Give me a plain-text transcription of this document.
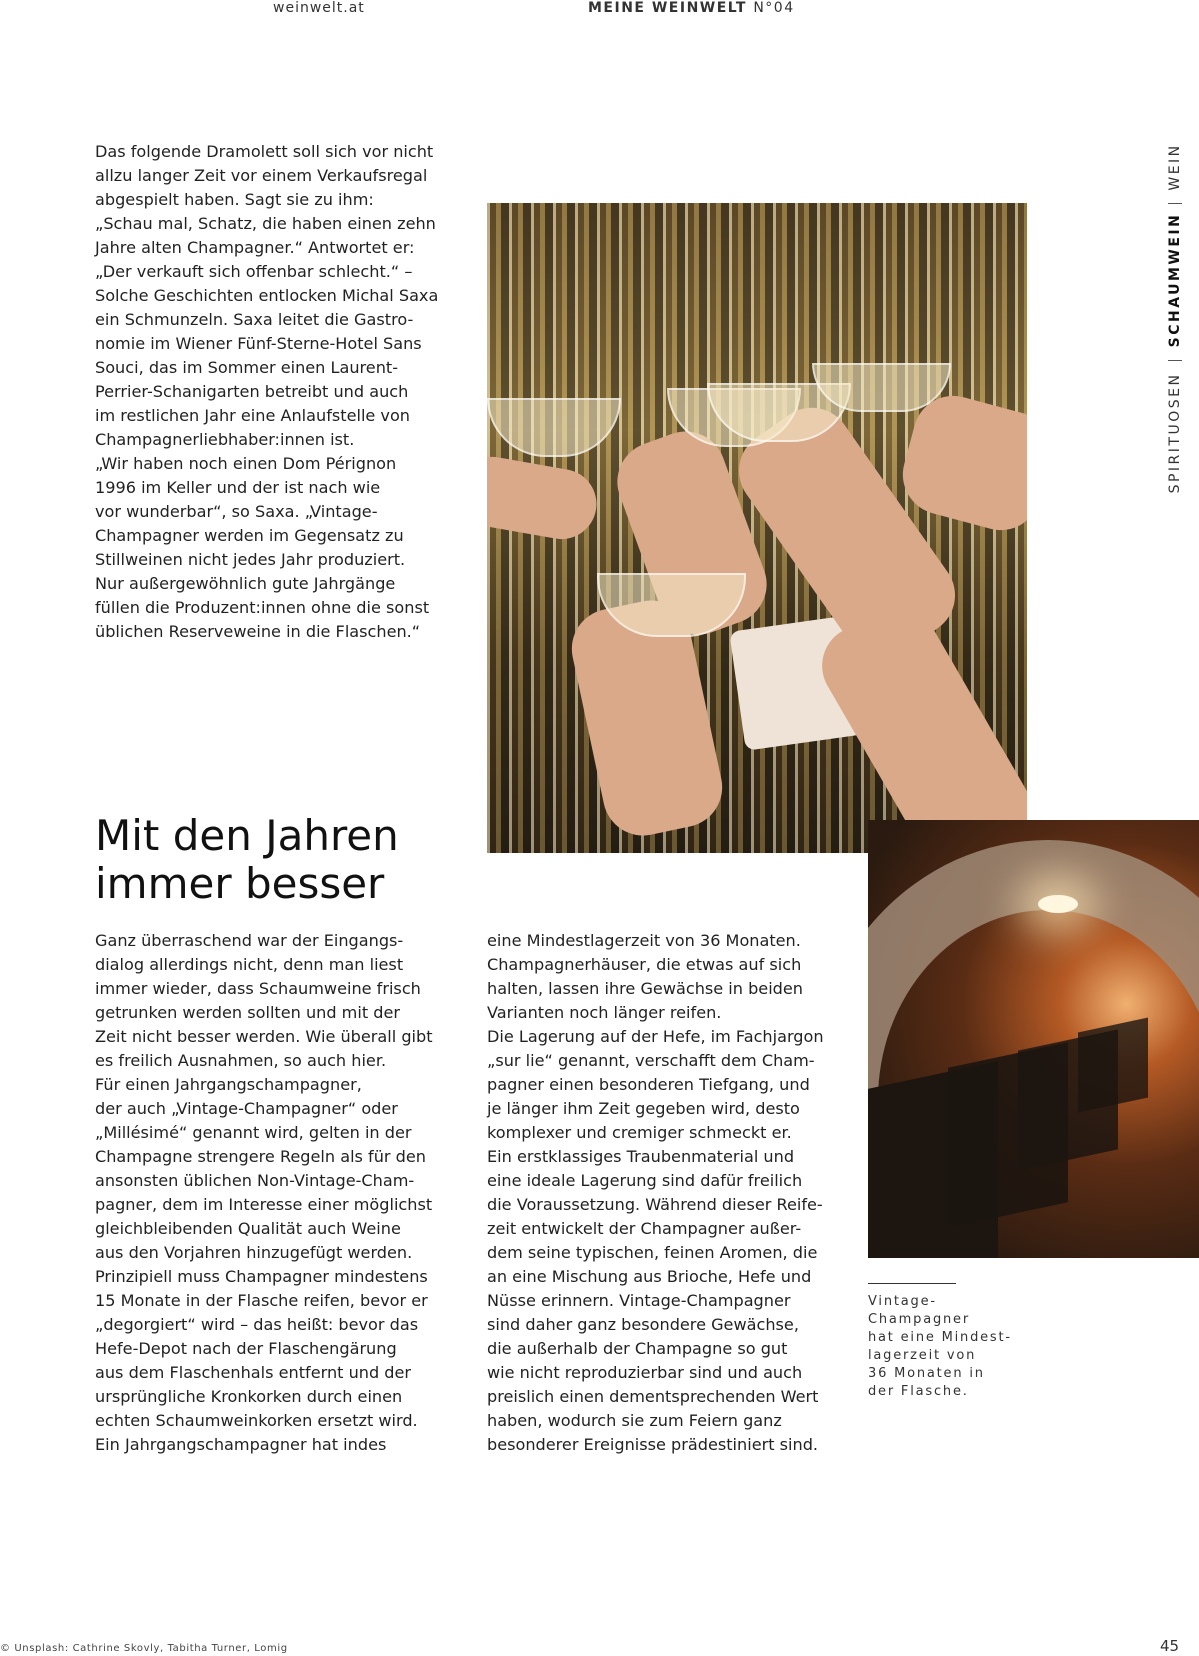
weinwelt.at	MEINE WEINWELT N°04
Das folgende Dramolett soll sich vor nicht
allzu langer Zeit vor einem Verkaufsregal
abgespielt haben. Sagt sie zu ihm:
„Schau mal, Schatz, die haben einen zehn
Jahre alten Champagner.“ Antwortet er:
„Der verkauft sich offenbar schlecht.“ –
Solche Geschichten entlocken Michal Saxa
ein Schmunzeln. Saxa leitet die Gastro-
nomie im Wiener Fünf-Sterne-Hotel Sans
Souci, das im Sommer einen Laurent-
Perrier-Schanigarten betreibt und auch
im restlichen Jahr eine Anlaufstelle von
Champagnerliebhaber:innen ist.
„Wir haben noch einen Dom Pérignon
1996 im Keller und der ist nach wie
vor wunderbar“, so Saxa. „Vintage-
Champagner werden im Gegensatz zu
Stillweinen nicht jedes Jahr produziert.
Nur außergewöhnlich gute Jahrgänge
füllen die Produzent:innen ohne die sonst
üblichen Reserveweine in die Flaschen.“
Mit den Jahren
immer besser
Ganz überraschend war der Eingangs-
dialog allerdings nicht, denn man liest
immer wieder, dass Schaumweine frisch
getrunken werden sollten und mit der
Zeit nicht besser werden. Wie überall gibt
es freilich Ausnahmen, so auch hier.
Für einen Jahrgangschampagner,
der auch „Vintage-Champagner“ oder
„Millésimé“ genannt wird, gelten in der
Champagne strengere Regeln als für den
ansonsten üblichen Non-Vintage-Cham-
pagner, dem im Interesse einer möglichst
gleichbleibenden Qualität auch Weine
aus den Vorjahren hinzugefügt werden.
Prinzipiell muss Champagner mindestens
15 Monate in der Flasche reifen, bevor er
„degorgiert“ wird – das heißt: bevor das
Hefe-Depot nach der Flaschengärung
aus dem Flaschenhals entfernt und der
ursprüngliche Kronkorken durch einen
echten Schaumweinkorken ersetzt wird.
Ein Jahrgangschampagner hat indes
eine Mindestlagerzeit von 36 Monaten.
Champagnerhäuser, die etwas auf sich
halten, lassen ihre Gewächse in beiden
Varianten noch länger reifen.
Die Lagerung auf der Hefe, im Fachjargon
„sur lie“ genannt, verschafft dem Cham-
pagner einen besonderen Tiefgang, und
je länger ihm Zeit gegeben wird, desto
komplexer und cremiger schmeckt er.
Ein erstklassiges Traubenmaterial und
eine ideale Lagerung sind dafür freilich
die Voraussetzung. Während dieser Reife-
zeit entwickelt der Champagner außer-
dem seine typischen, feinen Aromen, die
an eine Mischung aus Brioche, Hefe und
Nüsse erinnern. Vintage-Champagner
sind daher ganz besondere Gewächse,
die außerhalb der Champagne so gut
wie nicht reproduzierbar sind und auch
preislich einen dementsprechenden Wert
haben, wodurch sie zum Feiern ganz
besonderer Ereignisse prädestiniert sind.
Vintage-
Champagner
hat eine Mindest-
lagerzeit von
36 Monaten in
der Flasche.
WEIN
SCHAUMWEIN
SPIRITUOSEN
© Unsplash: Cathrine Skovly, Tabitha Turner, Lomig	45
